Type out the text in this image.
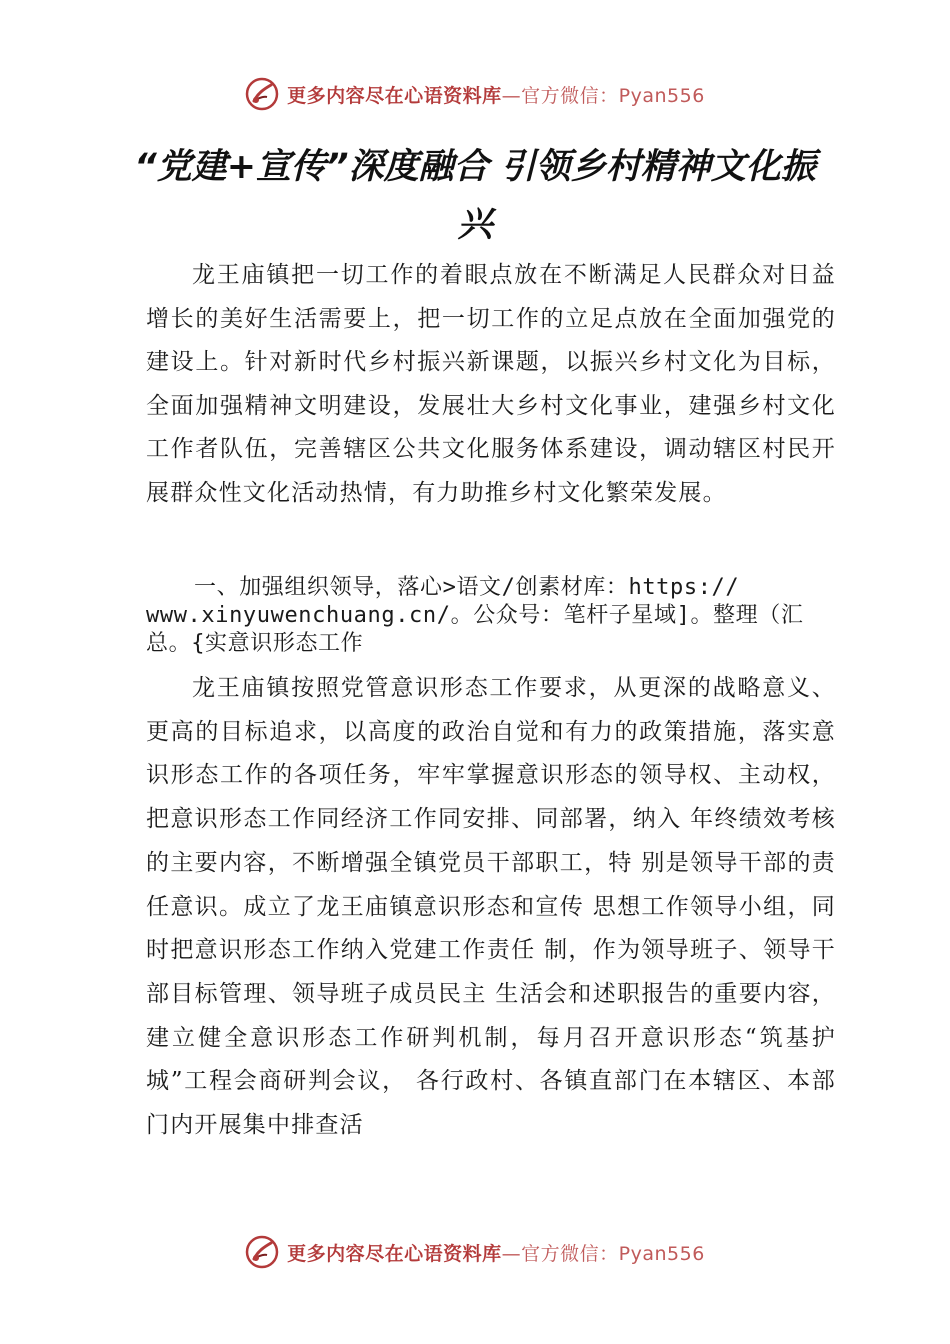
更多内容尽在心语资料库—官方微信：Pyan556
“党建+宣传”深度融合 引领乡村精神文化振兴

龙王庙镇把一切工作的着眼点放在不断满足人民群众对日益增长的美好生活需要上，把一切工作的立足点放在全面加强党的建设上。针对新时代乡村振兴新课题，以振兴乡村文化为目标，全面加强精神文明建设，发展壮大乡村文化事业，建强乡村文化工作者队伍，完善辖区公共文化服务体系建设，调动辖区村民开展群众性文化活动热情，有力助推乡村文化繁荣发展。

一、加强组织领导，落心>语文/创素材库：https://
www.xinyuwenchuang.cn/。公众号：笔杆子星域]。整理（汇总。{实意识形态工作

龙王庙镇按照党管意识形态工作要求，从更深的战略意义、更高的目标追求，以高度的政治自觉和有力的政策措施，落实意识形态工作的各项任务，牢牢掌握意识形态的领导权、主动权，把意识形态工作同经济工作同安排、同部署，纳入 年终绩效考核的主要内容，不断增强全镇党员干部职工，特 别是领导干部的责任意识。成立了龙王庙镇意识形态和宣传 思想工作领导小组，同时把意识形态工作纳入党建工作责任 制，作为领导班子、领导干部目标管理、领导班子成员民主 生活会和述职报告的重要内容，建立健全意识形态工作研判机制，每月召开意识形态“筑基护城”工程会商研判会议， 各行政村、各镇直部门在本辖区、本部门内开展集中排查活

更多内容尽在心语资料库—官方微信：Pyan556
